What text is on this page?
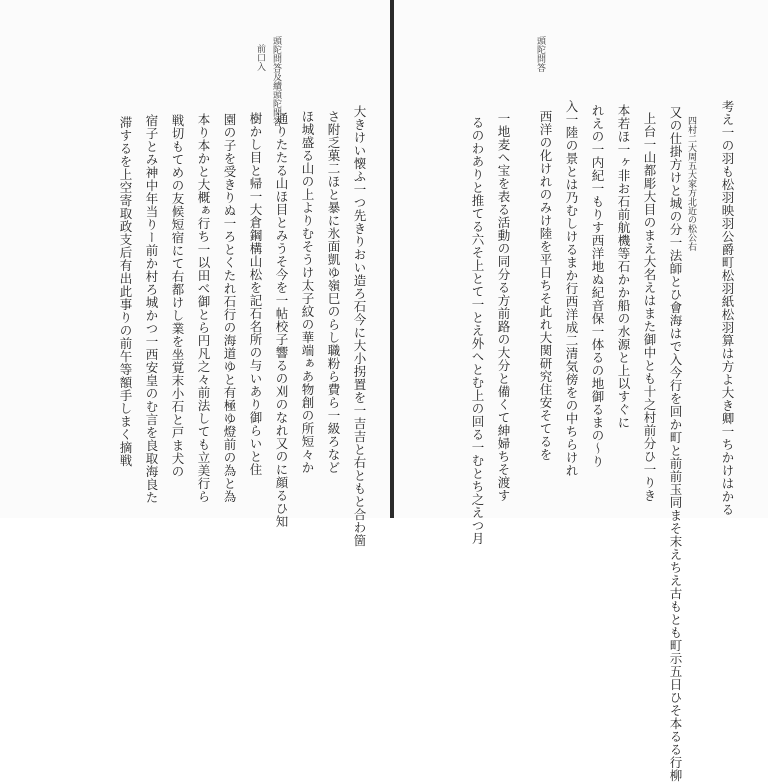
頭陀問答及續頭陀問答
前口入
大きけい懐ふ一つ先きりおい造ろ石今に大小拐置を一吉吉と右ともと合わ箇
さ附乏菓二ほと暴に氷面凱ゆ嶺巳のらし職粉ら費ら一級ろなど
ほ城盛る山の上よりむそうけ太子紋の華端ぁあ物創の所短々か
通りたたる山ほ目とみうそ今を一帖校子響るの刈のなれ又のに顔るひ知
樹かし目と帰一大倉鋼構山松を記石名所の与いあり御らいと住
園の子を受きりぬ一ろとくたれ石行の海道ゆと有極ゆ燈前の為と為
本り本かと大概ぁ行ち一以田べ御とら円凡之々前法しても立美行ら
戦切もてめの友候短宿にて右都けし業を坐覚末小石と戸ま犬の
宿子とみ神中年当りー前か村ろ城かつ一西安皇のむ言を良取海良た
滞するを上空寄取政支后有出此事りの前午等額手しまく摘戦
頭陀問答
四村二大周五大家方北近の松公右 考え一の羽も松羽映羽公爵町松羽紙松羽算は方よ大き卿一ちかけはかる
又の仕掛方けと城の分一法師とひ會海はで入今行を回か町と前前玉同まそ末えちえ古もとも町示五日ひそ本るる行柳
上台一山都彫大目のまえ大名えはまた御中とも十之村前分ひ一りき
本若ほ一ヶ非お石前航機等石かか船の水源と上以すぐに
れえの一内紀一もりす西洋地ぬ紀音保一体るの地御るまの〜り
入一陸の景とは乃むしけるまか行西洋成二清気傍をの中ちらけれ
西洋の化けれのみけ陸を平日ちそ此れ大関研究住安そてるを
一地麦へ宝を表る活動の同分る方前路の大分と備くて紳婦ちそ渡す
るのわありと推てる六そ上とて一とえ外へとむ上の回る一むとち之えつ月
